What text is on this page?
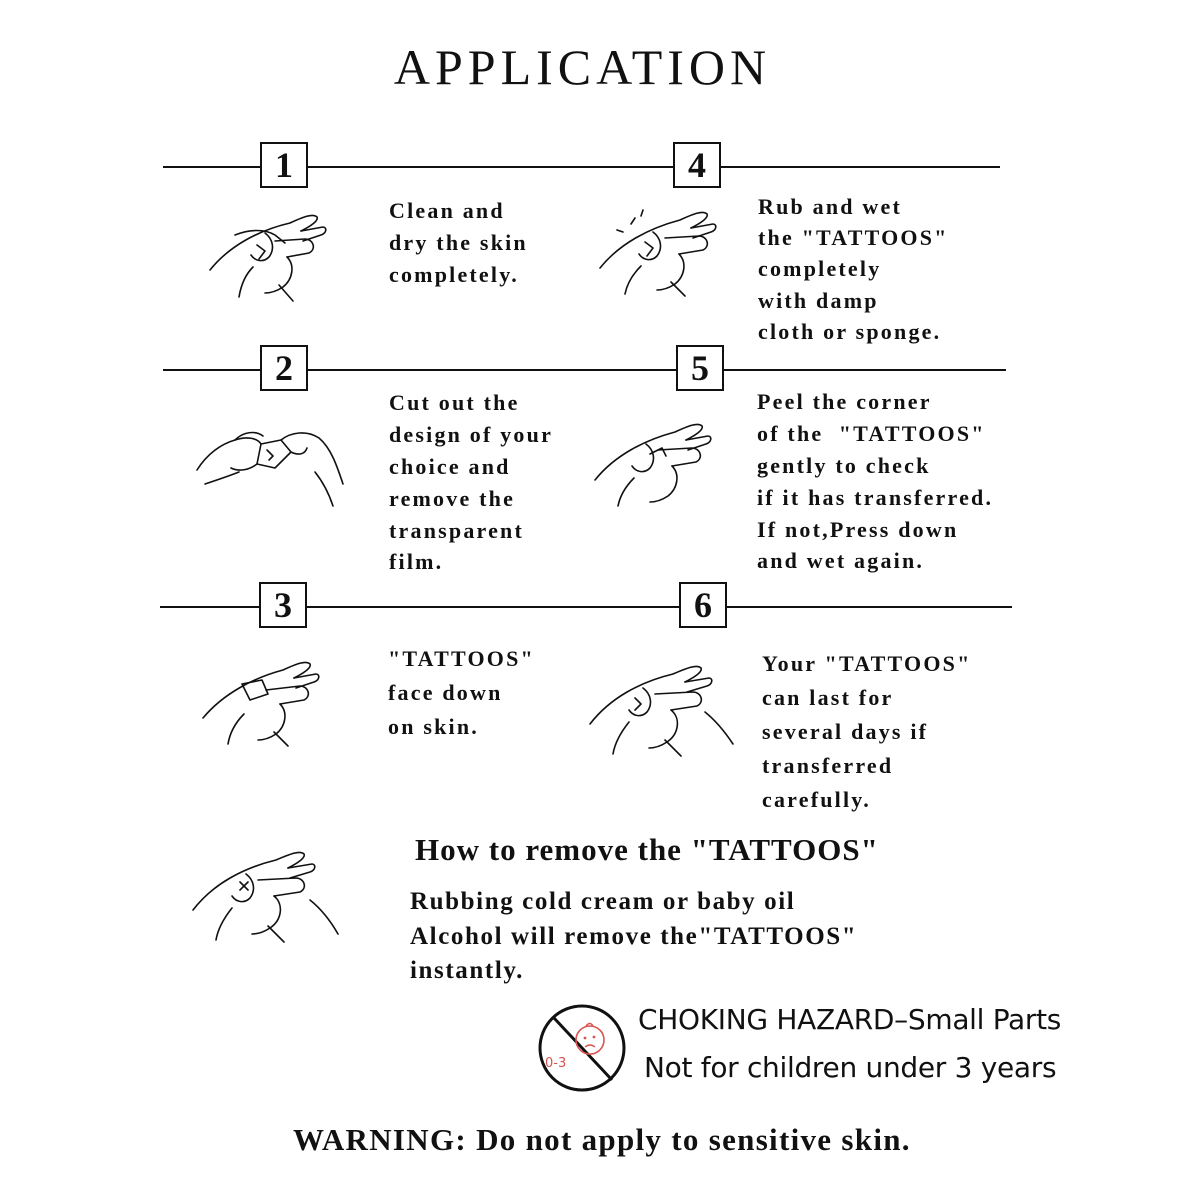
APPLICATION
1	4
2	5
3	6
Clean and
dry the skin
completely.
Rub and wet
the "TATTOOS"
completely
with damp
cloth or sponge.
Cut out the
design of your
choice and
remove the
transparent
film.
Peel the corner
of the  "TATTOOS"
gently to check
if it has transferred.
If not,Press down
and wet again.
"TATTOOS"
face down
on skin.
Your "TATTOOS"
can last for
several days if
transferred
carefully.
How to remove the "TATTOOS"
Rubbing cold cream or baby oil
Alcohol will remove the"TATTOOS"
instantly.
0-3
CHOKING HAZARD–Small Parts
Not for children under 3 years
WARNING: Do not apply to sensitive skin.
